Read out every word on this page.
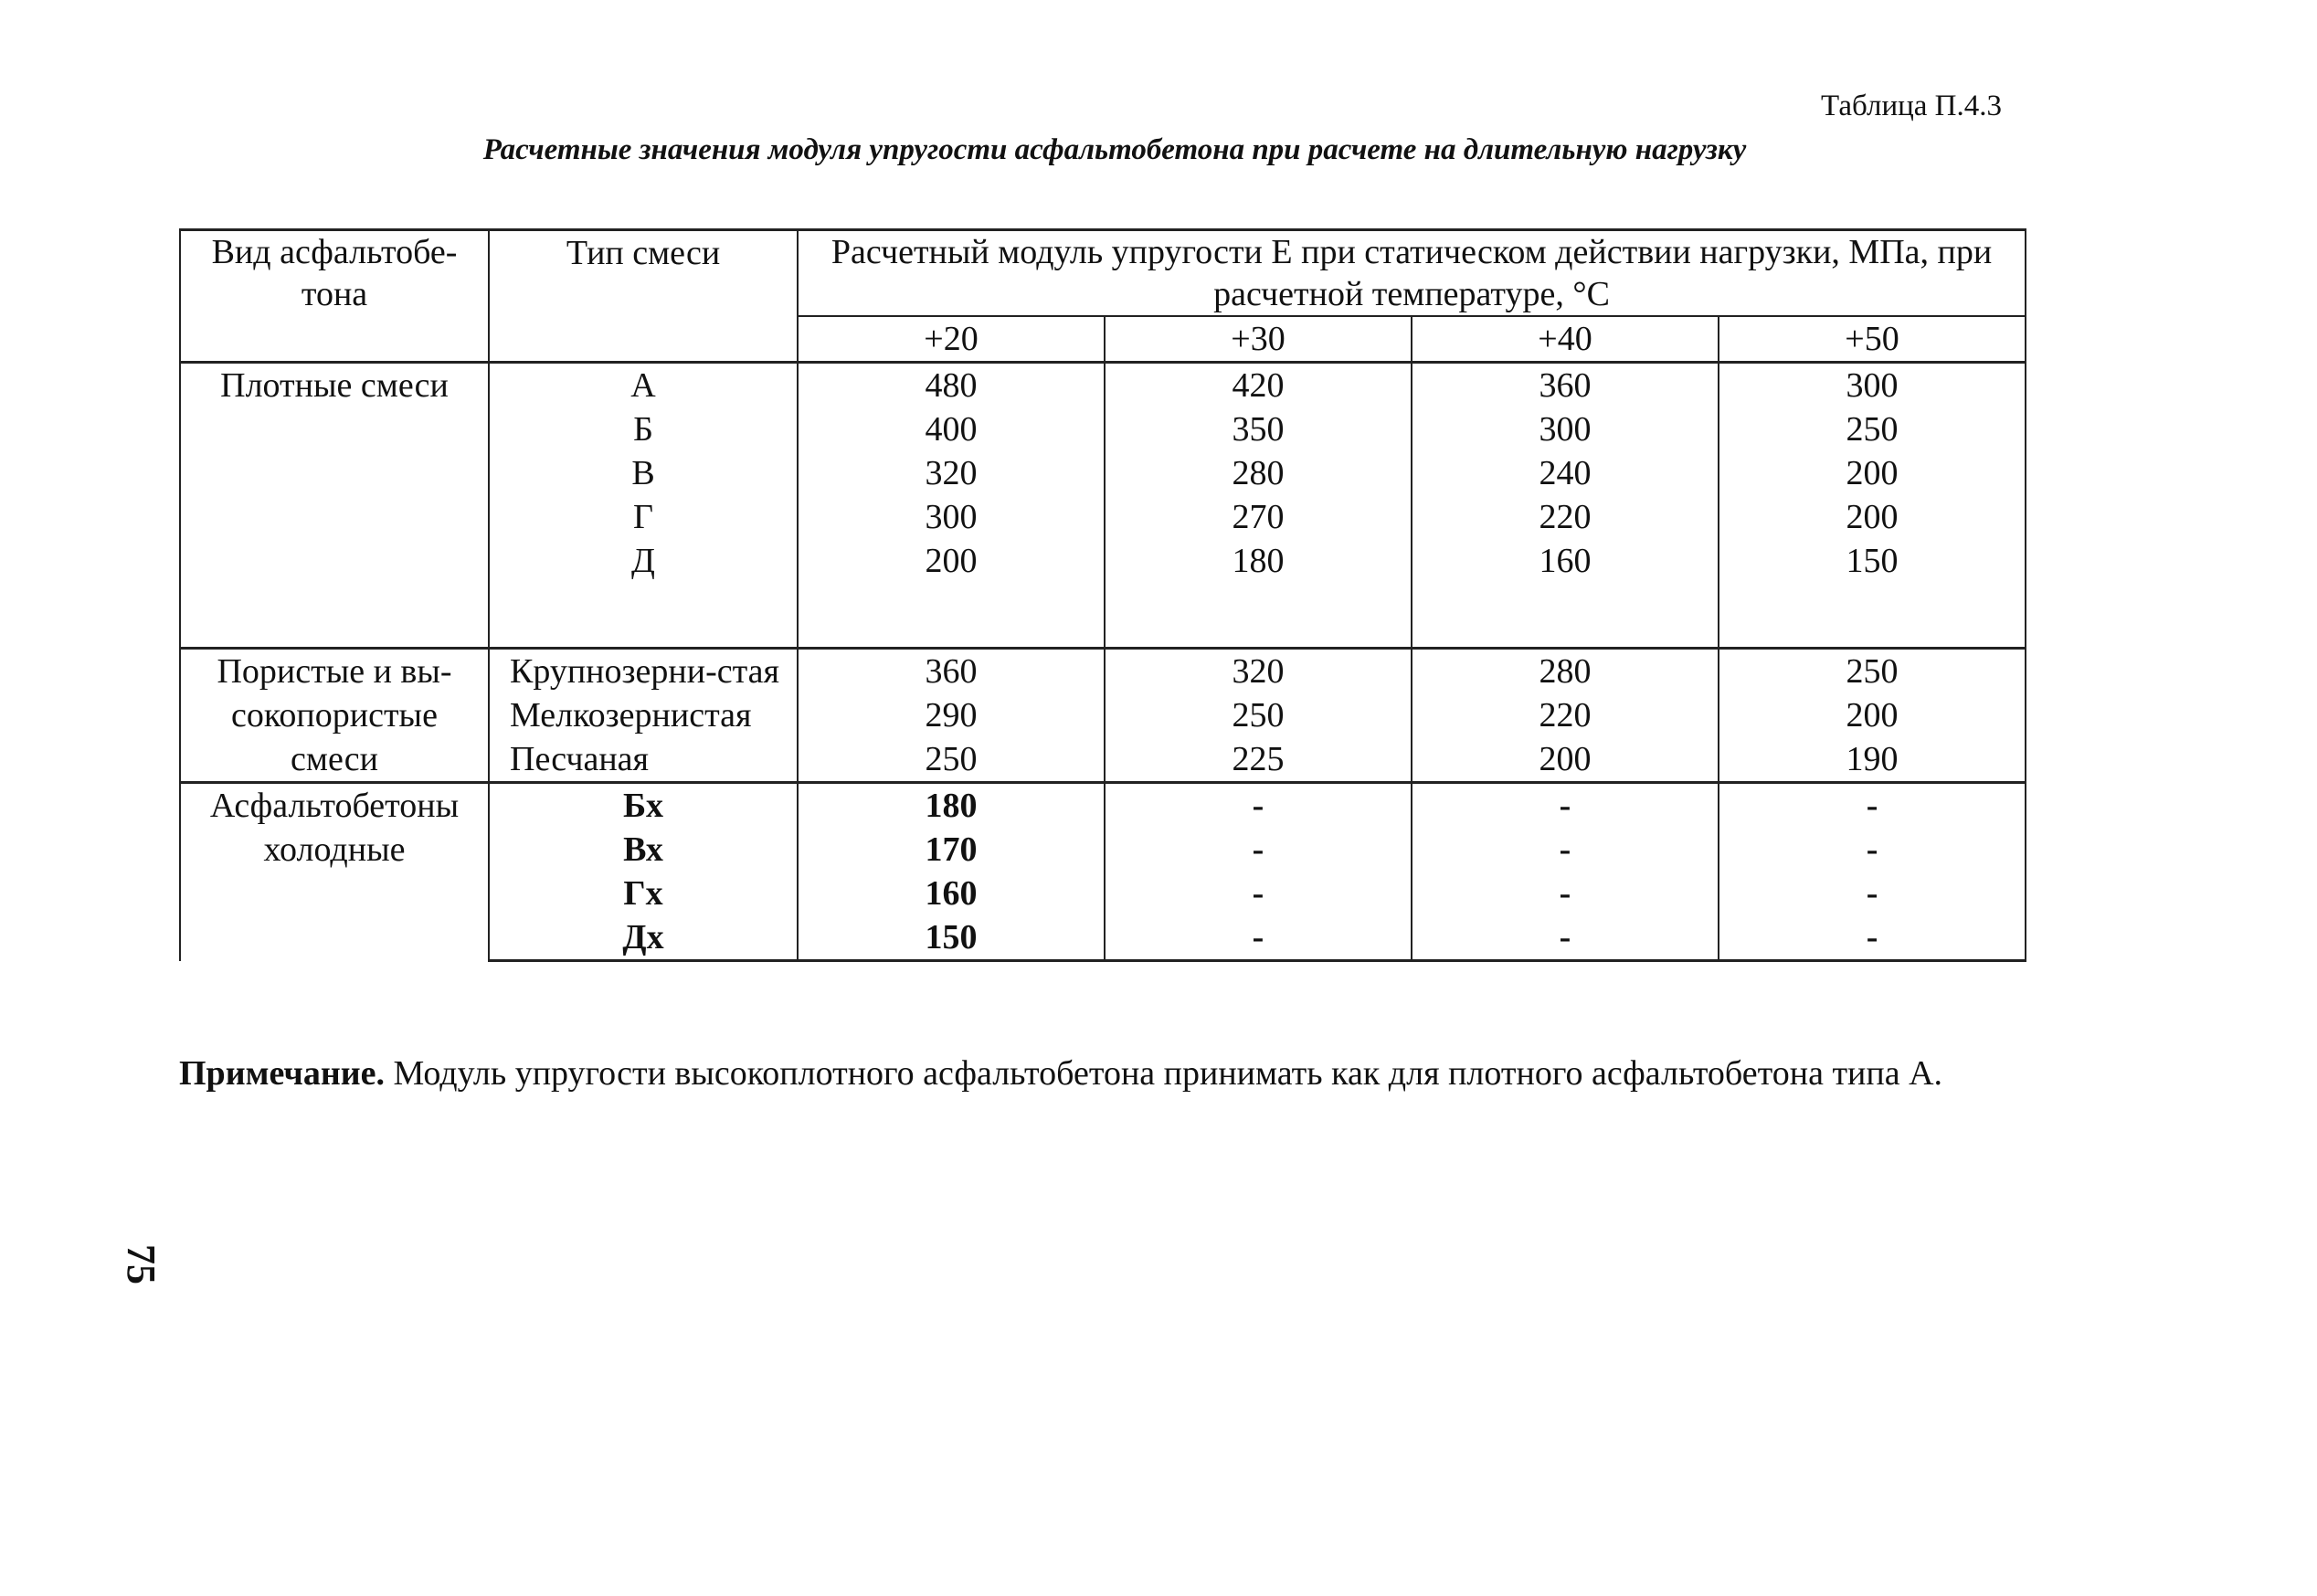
Таблица П.4.3
Расчетные значения модуля упругости асфальтобетона при расчете на длительную нагрузку
Вид асфальтобе-тона	Тип смеси	Расчетный модуль упругости Е при статическом действии нагрузки, МПа, при расчетной температуре, °С			
		+20	+30	+40	+50
Плотные смеси	А	480	420	360	300
	Б	400	350	300	250
	В	320	280	240	200
	Г	300	270	220	200
	Д	200	180	160	150
Пористые и вы-сокопористые смеси	Крупнозерни-стая	360	320	280	250
	Мелкозернистая	290	250	220	200
	Песчаная	250	225	200	190
Асфальтобетоны холодные	Бх	180	-	-	-
	Вх	170	-	-	-
	Гх	160	-	-	-
	Дх	150	-	-	-
Примечание. Модуль упругости высокоплотного асфальтобетона принимать как для плотного асфальтобетона типа А.
75
